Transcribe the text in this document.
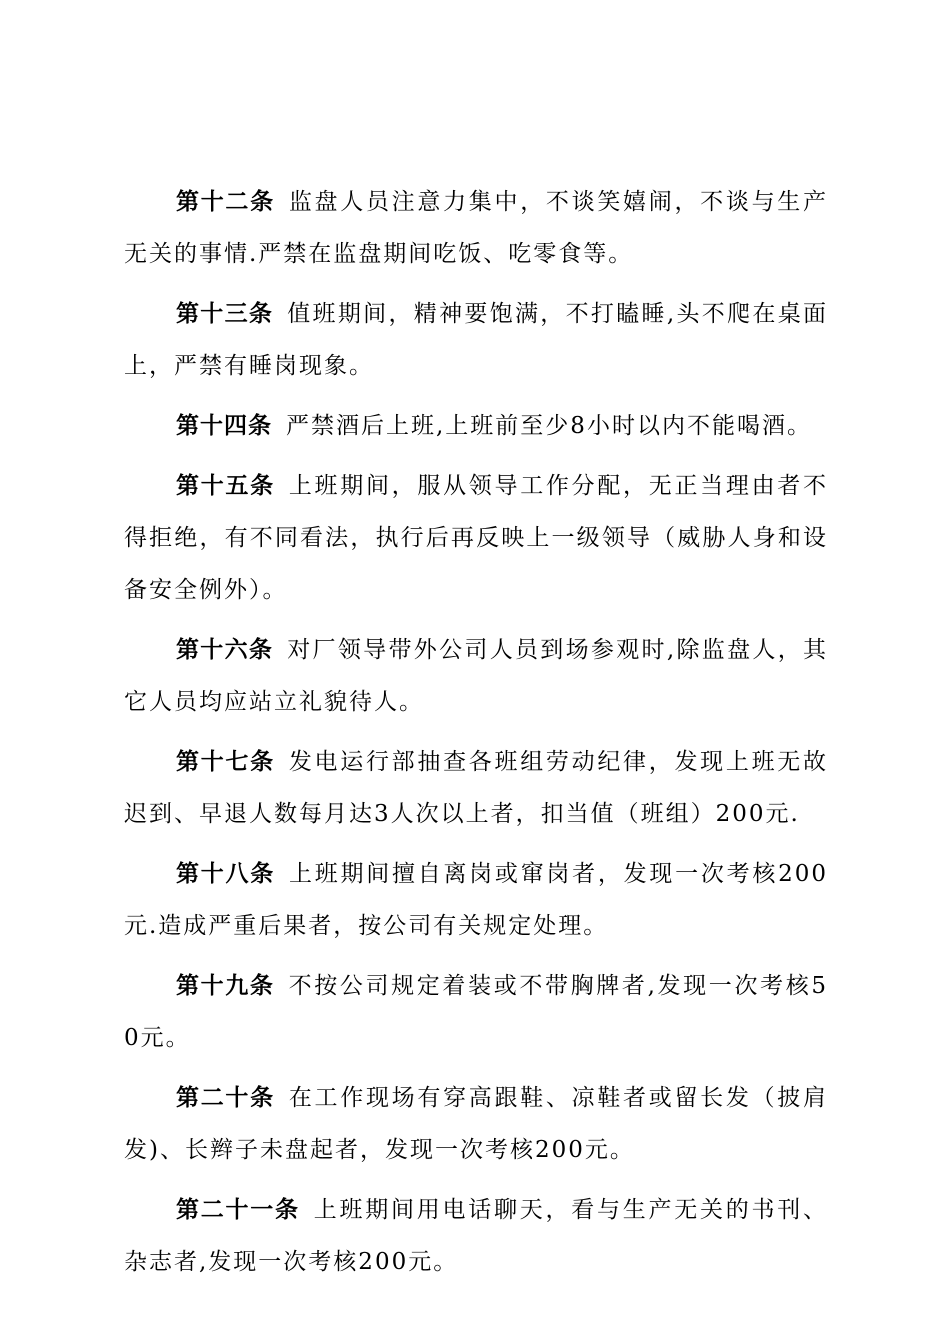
第十二条 监盘人员注意力集中，不谈笑嬉闹，不谈与生产无关的事情.严禁在监盘期间吃饭、吃零食等。

第十三条 值班期间，精神要饱满，不打瞌睡,头不爬在桌面上，严禁有睡岗现象。

第十四条 严禁酒后上班,上班前至少8小时以内不能喝酒。

第十五条 上班期间，服从领导工作分配，无正当理由者不得拒绝，有不同看法，执行后再反映上一级领导（威胁人身和设备安全例外）。

第十六条 对厂领导带外公司人员到场参观时,除监盘人，其它人员均应站立礼貌待人。

第十七条 发电运行部抽查各班组劳动纪律，发现上班无故迟到、早退人数每月达3人次以上者，扣当值（班组）200元.

第十八条 上班期间擅自离岗或窜岗者，发现一次考核200元.造成严重后果者，按公司有关规定处理。

第十九条 不按公司规定着装或不带胸牌者,发现一次考核50元。

第二十条 在工作现场有穿高跟鞋、凉鞋者或留长发（披肩发)、长辫子未盘起者，发现一次考核200元。

第二十一条 上班期间用电话聊天，看与生产无关的书刊、杂志者,发现一次考核200元。
